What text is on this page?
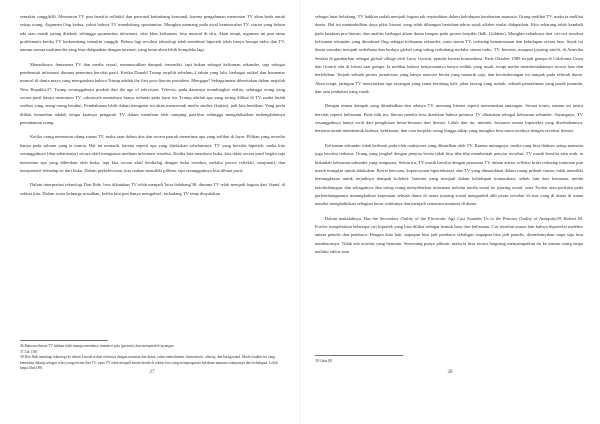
semakin canggih36. Menonton TV pun bersifat reflektif dan personal ketimbang komunal, karena pengalaman menonton TV akan beda untuk setiap orang. Argumen Ong kedua, yakni bahwa TV mendukung spontanitas. Mungkin memang pada awal kemunculan TV, siaran yang belum ada atau masih jarang ditekuk, sehingga spontanitas informasi, sifat khas kelisanan, bisa muncul di situ. Akan tetapi, argumen ini pun sama problematis ketika TV berkembang semakin canggih. Belum lagi revolusi teknologi telah membuat hipertek telah hanya berupa radio dan TV, namun semua multimedia yang bisa didapatkan dengan internet, yang tentu akan lebih kompleks lagi.

Menariknya, fenomena TV dan media visual, memunculkan dampak tersendiri, tapi bukan sebagai kelisanan sekunder, tapi sebagai pembentuk informasi dimana penerima bersifat pasif. Ketika Donald Trump terpilih sebelum 2 tahun yang lalu, berbagai artikel dan komentar muncul di dunia maya yang mengatakan bahwa Trump adalah the first post-literate president. Mengapa? Sebagaimana diberitakan dalam majalah New Republic37, Trump sesungguhnya produk dari the age of television. Televisi, pada dasarnya membingkai realita, sehingga orang yang secara pasif hanya menonton TV, cakrawala mentalnya hanya terbatas pada layar itu. Trump adalah apa yang sering dilihat di TV, maka itulah realitas yang orang-orang ketahui. Pembahasan lebih dalam mengenai ini akan menyentuh media studies (kajian), jadi kita hentikan. Yang perlu dilihat kemudian adalah tetapa kuatnya pengaruh TV dalam membuat efek samping pasifitas sehingga mengakibatkan terbengkalainya pemahaman orang.

Ketika orang menonton ulang siaran TV, maka iaan dalam dua dan secara pasrah menerima apa yang terlihat di layar. Pilihan yang tersedia hanya pada saluran yang ia tonton. Hal ini menarik, karena seperti apa yang dijelaskan sebelumnya, TV yang bersifat hipertek, maka kita sesungguhnya (dan seharusnya) secara aktif menguasai medium informasi tersebut. Ketika kita membaca buku, kita tidak secara pasif begitu saja menerima apa yang diberikan oleh buku, tapi kita secara aktif berdialog dengan buku tersebut, melalui proses reflektif, imajinatif, dan interpretatif terhadap isi dari buku. Dalam perkelevisian, kita seakan memiliki pilihan, tapi sesungguhnya kita dibuat pasif.

Dalam interpretasi teknologi Don Ihde, bisa dikatakan TV telah menjadi 'latar belakang'38, dimana TV telah menjadi bagian dari 'dunia' di sekitar kita. Dalam acara keluarga misalkan, ketika kita pun hanya mengobrol, terkadang TV tetap dinyalakan

36 Bahwasa Smart-TV bahkan telah mampu membaca, memberi pola (gesture), dan memperoleh tayangan.

37 Lih. [38]

38 Don Ihde membagi teknologi ke dalam 4 mode terkait relasinya dengan manusia dan dunia, yakni embodiment, hermeneutic, alterity, dan background. Mode terakhir ini yang kemudian dikutip sebagai relasi yang tersirat dari TV, yaitu TV telah menjadi benda-benda di sekitar kita yang mempengaruhi kelakuan manusia selanjutnya dari kehidupan. Lebih lanjut lihat [39]

27

sebagai latar belakang. TV bahkan sudah menjadi bagian tak terpisahkan dalam kehidupan keseharian manusia. Orang melihat TV, maka ia melihat dunia. Hal ini menimbulkan daya pikir literasi yang telah dibangun bertahun-tahun sejak alfabet mulai didapatkan. Kita sekarang telah kembali pada keadaan pra-literasi, dan analitis berbagai aliran dunia lampau pada proses berpikir (bdk. Giddens). Mungkin sebaiknya dari ciri-ciri tersebut kelisanan sekunder yang dimaksud Ong sebagai kelisanan sekunder, yaitu siaran TV, terhadap kemanusiaan dan kehidupan secara luas. Sejak itu dunia semakin menjadi sederhana dan budaya global yang saling terhubung melalui siaran radio, TV, Internet, maupun jejaring satelit, di Amerika Serikat di gambarkan sebagai global village oleh Larry Gonick, penulis kartun komunikasi. Pada Oktober 1989 terjadi gempa di California Utara dan Gonick ada di lokasi saat gempa. Ia melihat bahwa kenyataannya hanya sedikit yang rusak, tetapi media memberitakannya secara luas dan berlebihan. Terjadi sebuah proses jurnalisme yang hanya mencari berita yang menarik saja, dan kecenderungan ini tampak pada seluruh dunia. Akan tetapi, jaringan TV menyiarkan tiga tayangan yang sama berulang kali: jalan layang yang runtuh, sebuah pemukiman yang porak poranda, dan satu jembatan yang rusak.

Dengan semua dampak yang ditimbulkan dari adanya TV, memang literasi seperti menemukan tantangan. Secara ironis, namun ini justru bersifat seperti kelisanan. Pada titik ini, literasi penulis bisa diartikan bahwa pemirsa TV dikatakan sebagai kelisanan sekunder. Sayangnya, TV sesungguhnya hanya awal dari pengikisan besar-besaran dari literasi. Lebih dari itu, internet, bersama semua hipertekst yang disediakannya, bertemu untuk membentuk budaya, kebiasaan, dan cara berpikir orang hingga tahap yang mungkin bisa sama totalnya dengan revolusi literasi.

Kelisanan sekunder tidak berhenti pada efek reaksioner yang dihasilkan oleh TV. Karena untungnya, media yang bisa diakses setiap manusia juga bersifat terbatas. Orang yang jengkel dengan penyiar berita tidak bisa tiba-tiba membentak penyiar tersebut. TV masih bersifat satu arah, ia bukanlah kelisanan sekunder yang sempurna. Selain itu, TV masih bersifat dengan penonton TV, dalam artian, refleksi kritis terhadap tontonan pun masih mungkin untuk dilakukan. Berita bencana, kepercayaan hipertekstual, dan TV yang dimasukkan dalam ruang pribadi siaran, tidak memiliki kemungkinan untuk terjadinya dampak kolektif. Internet yang menjadi dalam kehidupan komunikasi, sebab lain dari kemasan, media keterhubungan, dan sebagainya, dan setiap orang menyebarkan informasi melalui media sosial ke jejaring sosial, serta Twitter atau perilaku pada perkembangannya meningkatkan kepesatan sebuah dunia di mana jejaring sosial mengambil alih peran tersebut di atas yang di dunia di mana mereka menghabiskan sebagian besar waktunya dan menjadi semacam manusia di dunia.

Dalam makalahnya, Has the Secondary Orality of the Electronic Age Cast Asunder Us to the Primary Orality of Antiquity39, Robert M. Fowler menjelaskan beberapa ciri hipertek yang bisa dilihat sebagai bentuk baru dari kelisanan. Ciri tersebut antara lain bahwa hipertekst melebur antara penulis dan pembaca. Dengan kata lain, siapapun bisa jadi pembaca sekaligus siapapun bisa jadi penulis, disembunyikan siapa saja bisa membacanya. Tidak ada otoritas yang bermain. Seseorang punya pikiran, maka ia bisa secara langsung menyampaikan itu ke semua orang tanpa melalui editor atau

39 Lihat [8]

28
